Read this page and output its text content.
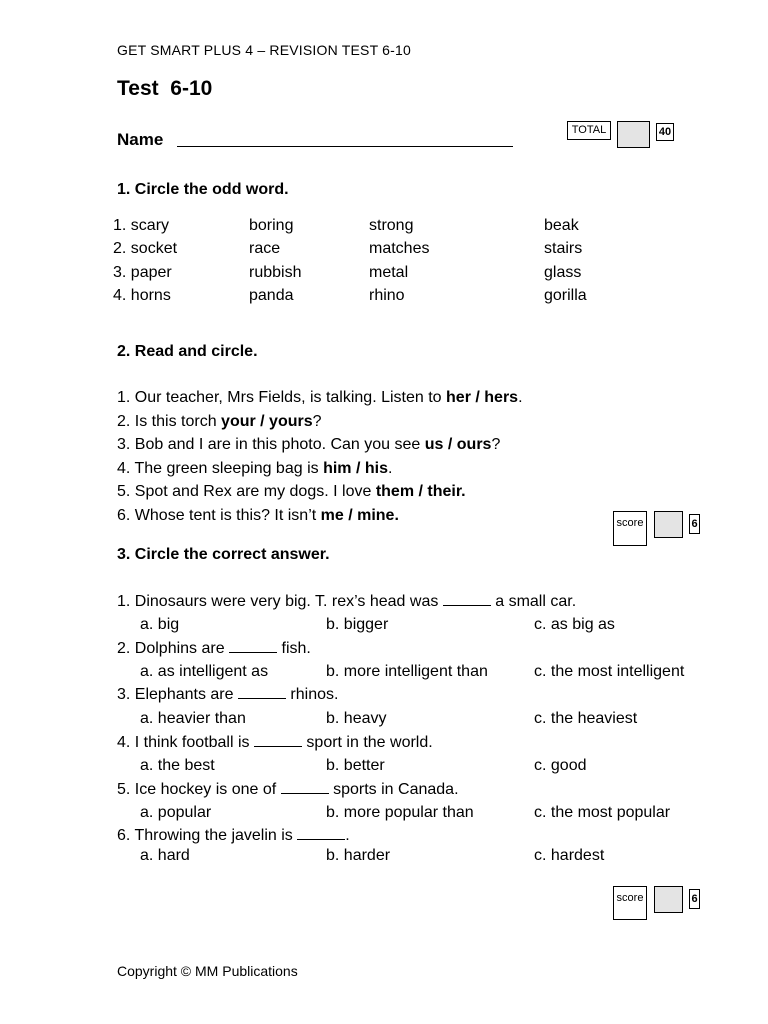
GET SMART PLUS 4 – REVISION TEST 6-10
Test  6-10
Name	TOTAL	40
1. Circle the odd word.
1. scary	boring	strong	beak
2. socket	race	matches	stairs
3. paper	rubbish	metal	glass
4. horns	panda	rhino	gorilla
2. Read and circle.
1. Our teacher, Mrs Fields, is talking. Listen to her / hers.
2. Is this torch your / yours?
3. Bob and I are in this photo. Can you see us / ours?
4. The green sleeping bag is him / his.
5. Spot and Rex are my dogs. I love them / their.
6. Whose tent is this? It isn’t me / mine.	score	6
3. Circle the correct answer.
1. Dinosaurs were very big. T. rex’s head was	a small car.
a. big	b. bigger	c. as big as
2. Dolphins are	fish.
a. as intelligent as	b. more intelligent than	c. the most intelligent
3. Elephants are	rhinos.
a. heavier than	b. heavy	c. the heaviest
4. I think football is	sport in the world.
a. the best	b. better	c. good
5. Ice hockey is one of	sports in Canada.
a. popular	b. more popular than	c. the most popular
6. Throwing the javelin is	.
a. hard	b. harder	c. hardest
score	6
Copyright © MM Publications
